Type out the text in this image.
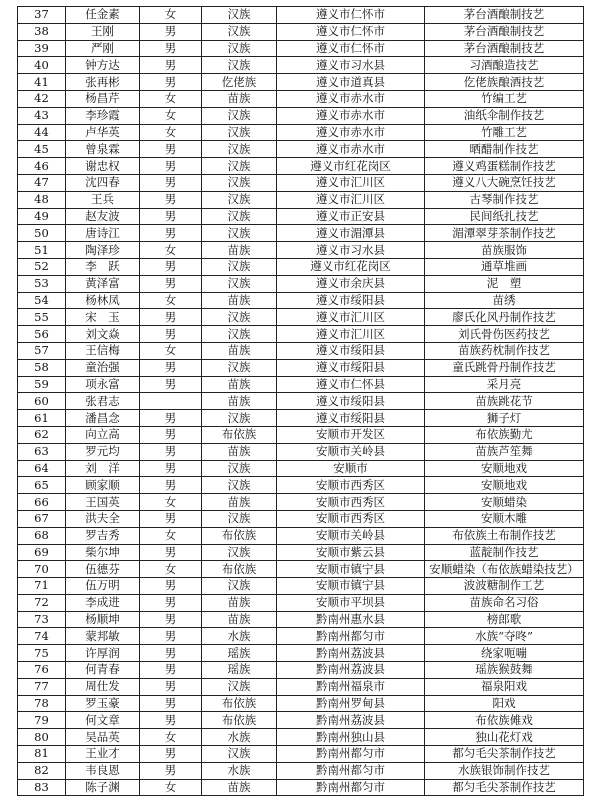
37	任金素	女	汉族	遵义市仁怀市	茅台酒酿制技艺
38	王刚	男	汉族	遵义市仁怀市	茅台酒酿制技艺
39	严刚	男	汉族	遵义市仁怀市	茅台酒酿制技艺
40	钟方达	男	汉族	遵义市习水县	习酒酿造技艺
41	张再彬	男	仡佬族	遵义市道真县	仡佬族酿酒技艺
42	杨昌芹	女	苗族	遵义市赤水市	竹编工艺
43	李珍霞	女	汉族	遵义市赤水市	油纸伞制作技艺
44	卢华英	女	汉族	遵义市赤水市	竹雕工艺
45	曾泉霖	男	汉族	遵义市赤水市	晒醋制作技艺
46	谢忠权	男	汉族	遵义市红花岗区	遵义鸡蛋糕制作技艺
47	沈四春	男	汉族	遵义市汇川区	遵义八大碗烹饪技艺
48	王兵	男	汉族	遵义市汇川区	古琴制作技艺
49	赵友波	男	汉族	遵义市正安县	民间纸扎技艺
50	唐诗江	男	汉族	遵义市湄潭县	湄潭翠芽茶制作技艺
51	陶泽珍	女	苗族	遵义市习水县	苗族服饰
52	李　跃	男	汉族	遵义市红花岗区	通草堆画
53	黄泽富	男	汉族	遵义市余庆县	泥　塑
54	杨林凤	女	苗族	遵义市绥阳县	苗绣
55	宋　玉	男	汉族	遵义市汇川区	廖氏化风丹制作技艺
56	刘文焱	男	汉族	遵义市汇川区	刘氏骨伤医药技艺
57	王信梅	女	苗族	遵义市绥阳县	苗族药枕制作技艺
58	童治强	男	汉族	遵义市绥阳县	童氏跳骨丹制作技艺
59	项永富	男	苗族	遵义市仁怀县	采月亮
60	张君志		苗族	遵义市绥阳县	苗族跳花节
61	潘昌念	男	汉族	遵义市绥阳县	狮子灯
62	向立高	男	布依族	安顺市开发区	布依族勤尤
63	罗元均	男	苗族	安顺市关岭县	苗族芦笙舞
64	刘　洋	男	汉族	安顺市	安顺地戏
65	顾家顺	男	汉族	安顺市西秀区	安顺地戏
66	王国英	女	苗族	安顺市西秀区	安顺蜡染
67	洪夫全	男	汉族	安顺市西秀区	安顺木雕
68	罗吉秀	女	布依族	安顺市关岭县	布依族土布制作技艺
69	柴尔坤	男	汉族	安顺市紫云县	蓝靛制作技艺
70	伍德芬	女	布依族	安顺市镇宁县	安顺蜡染（布依族蜡染技艺）
71	伍万明	男	汉族	安顺市镇宁县	波波糖制作工艺
72	李成进	男	苗族	安顺市平坝县	苗族命名习俗
73	杨顺坤	男	苗族	黔南州惠水县	榜郎歌
74	蒙邦敏	男	水族	黔南州都匀市	水族“夺咚”
75	许厚润	男	瑶族	黔南州荔波县	绕家呃嘣
76	何青春	男	瑶族	黔南州荔波县	瑶族猴鼓舞
77	周仕发	男	汉族	黔南州福泉市	福泉阳戏
78	罗玉豪	男	布依族	黔南州罗甸县	阳戏
79	何文章	男	布依族	黔南州荔波县	布依族傩戏
80	吴品英	女	水族	黔南州独山县	独山花灯戏
81	王业才	男	汉族	黔南州都匀市	都匀毛尖茶制作技艺
82	韦良恩	男	水族	黔南州都匀市	水族银饰制作技艺
83	陈子渊	女	苗族	黔南州都匀市	都匀毛尖茶制作技艺
